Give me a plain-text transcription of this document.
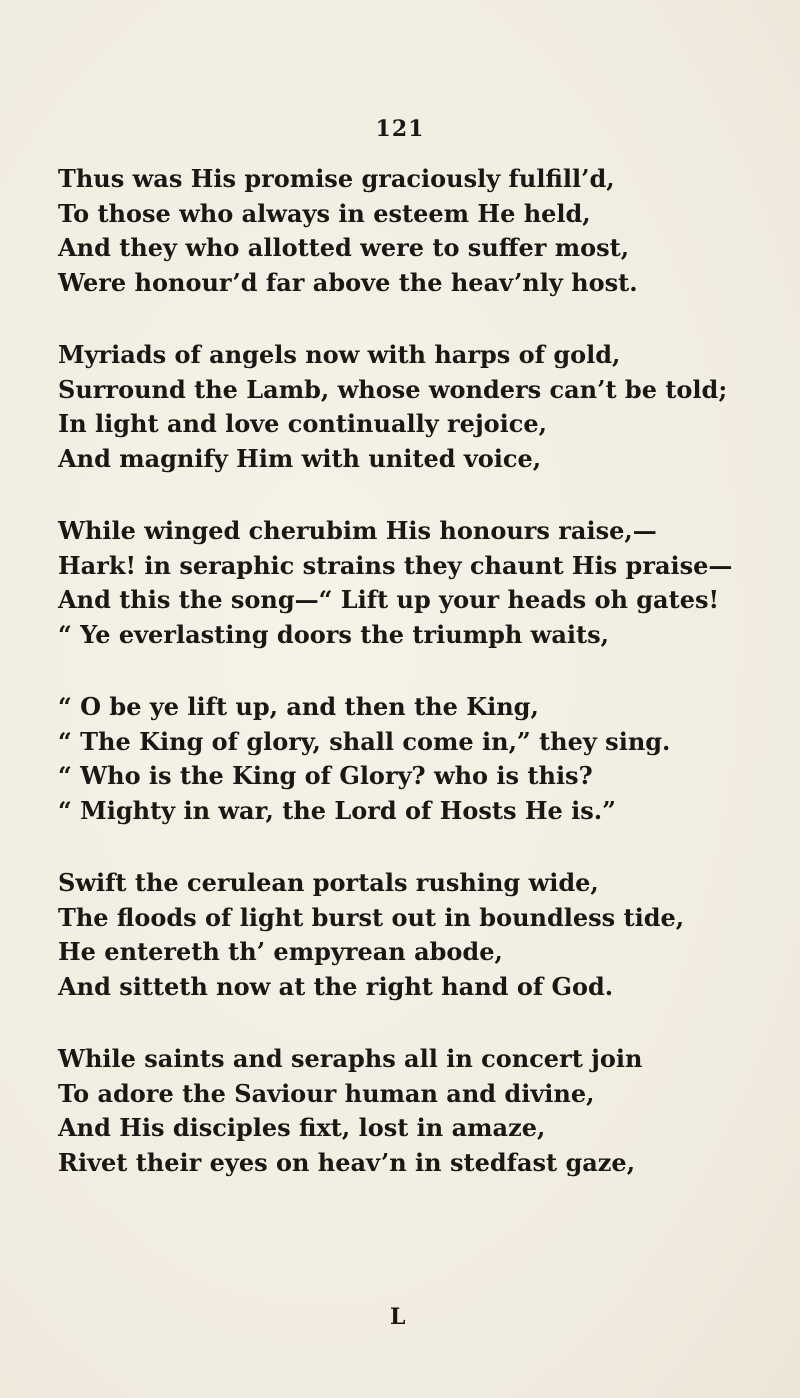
121
Thus was His promise graciously fulfill’d,
To those who always in esteem He held,
And they who allotted were to suffer most,
Were honour’d far above the heav’nly host.
Myriads of angels now with harps of gold,
Surround the Lamb, whose wonders can’t be told;
In light and love continually rejoice,
And magnify Him with united voice,
While winged cherubim His honours raise,—
Hark! in seraphic strains they chaunt His praise—
And this the song—“ Lift up your heads oh gates!
“ Ye everlasting doors the triumph waits,
“ O be ye lift up, and then the King,
“ The King of glory, shall come in,” they sing.
“ Who is the King of Glory? who is this?
“ Mighty in war, the Lord of Hosts He is.”
Swift the cerulean portals rushing wide,
The floods of light burst out in boundless tide,
He entereth th’ empyrean abode,
And sitteth now at the right hand of God.
While saints and seraphs all in concert join
To adore the Saviour human and divine,
And His disciples fixt, lost in amaze,
Rivet their eyes on heav’n in stedfast gaze,
L
